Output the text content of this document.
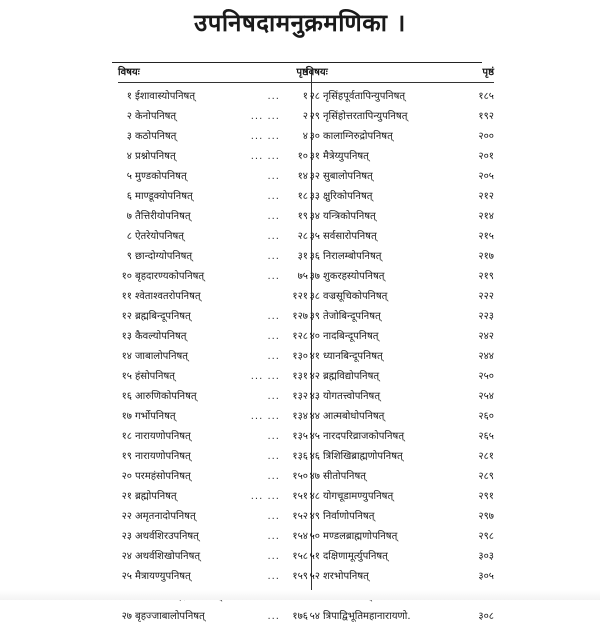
उपनिषदामनुक्रमणिका ।
विषयः	पृष्ठं
१ ईशावास्योपनिषत्	...	१
२ केनोपनिषत्	... ...	२
३ कठोपनिषत्	... ...	४
४ प्रश्नोपनिषत्	... ...	१०
५ मुण्डकोपनिषत्	...	१४
६ माण्डूक्योपनिषत्	...	१८
७ तैत्तिरीयोपनिषत्	...	१९
८ ऐतरेयोपनिषत्	...	२८
९ छान्दोग्योपनिषत्	...	३१
१० बृहदारण्यकोपनिषत्	...	७५
११ श्वेताश्वतरोपनिषत्	१२१
१२ ब्रह्मबिन्दूपनिषत्	...	१२७
१३ कैवल्योपनिषत्	...	१२८
१४ जाबालोपनिषत्	...	१३०
१५ हंसोपनिषत्	... ...	१३१
१६ आरुणिकोपनिषत्	...	१३२
१७ गर्भोपनिषत्	... ...	१३४
१८ नारायणोपनिषत्	...	१३५
१९ नारायणोपनिषत्	...	१३६
२० परमहंसोपनिषत्	...	१५०
२१ ब्रह्मोपनिषत्	... ...	१५१
२२ अमृतनादोपनिषत्	...	१५२
२३ अथर्वशिरउपनिषत्	...	१५४
२४ अथर्वशिखोपनिषत्	...	१५८
२५ मैत्रायण्युपनिषत्	...	१५९
२७ बृहज्जाबालोपनिषत्	...	१७६
विषयः	पृष्ठं
२८ नृसिंहपूर्वतापिन्युपनिषत्	१८५
२९ नृसिंहोत्तरतापिन्युपनिषत्	१९२
३० कालाग्निरुद्रोपनिषत्	२००
३१ मैत्रेय्युपनिषत्	२०१
३२ सुबालोपनिषत्	२०५
३३ क्षुरिकोपनिषत्	२१२
३४ यन्त्रिकोपनिषत्	२१४
३५ सर्वसारोपनिषत्	२१५
३६ निरालम्बोपनिषत्	२१७
३७ शुकरहस्योपनिषत्	२१९
३८ वज्रसूचिकोपनिषत्	२२२
३९ तेजोबिन्दूपनिषत्	२२३
४० नादबिन्दूपनिषत्	२४२
४१ ध्यानबिन्दूपनिषत्	२४४
४२ ब्रह्मविद्योपनिषत्	२५०
४३ योगतत्त्वोपनिषत्	२५४
४४ आत्मबोधोपनिषत्	२६०
४५ नारदपरिव्राजकोपनिषत्	२६५
४६ त्रिशिखिब्राह्मणोपनिषत्	२८१
४७ सीतोपनिषत्	२८९
४८ योगचूडामण्युपनिषत्	२९१
४९ निर्वाणोपनिषत्	२९७
५० मण्डलब्राह्मणोपनिषत्	२९८
५१ दक्षिणामूर्त्युपनिषत्	३०३
५२ शरभोपनिषत्	३०५
५४ त्रिपाद्विभूतिमहानारायणो.	३०८
